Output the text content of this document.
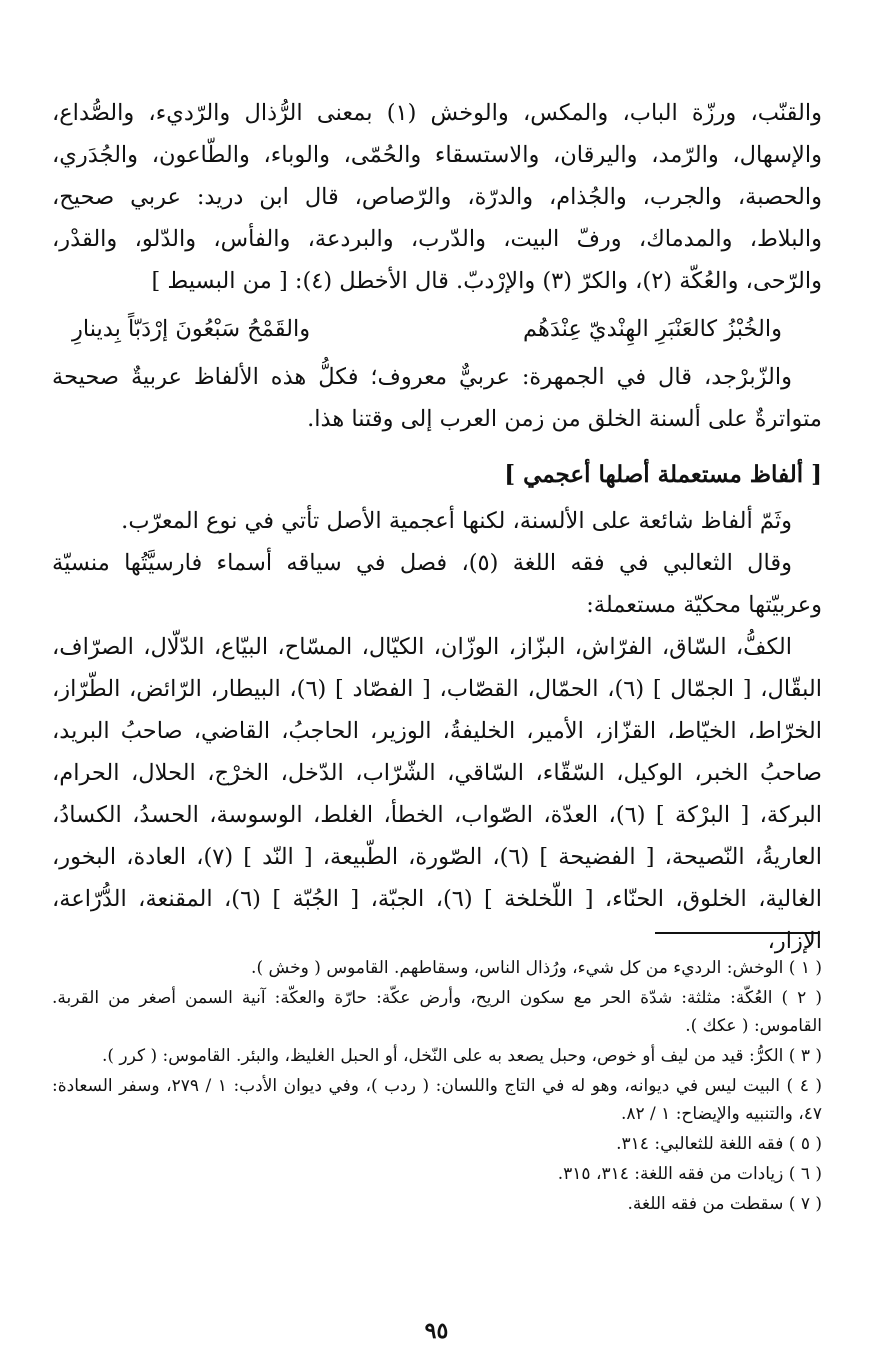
والقنّب، ورزّة الباب، والمكس، والوخش (١) بمعنى الرُّذال والرّديء، والصُّداع، والإسهال، والرّمد، واليرقان، والاستسقاء والحُمّى، والوباء، والطّاعون، والجُدَري، والحصبة، والجرب، والجُذام، والدرّة، والرّصاص، قال ابن دريد: عربي صحيح، والبلاط، والمدماك، ورفّ البيت، والدّرب، والبردعة، والفأس، والدّلو، والقدْر، والرّحى، والعُكّة (٢)، والكرّ (٣) والإرْدبّ. قال الأخطل (٤): [ من البسيط ]

والخُبْزُ كالعَنْبَرِ الهِنْديّ عِنْدَهُم
والقَمْحُ سَبْعُونَ إرْدَبّاً بِدينارِ

والزّبرْجد، قال في الجمهرة: عربيٌّ معروف؛ فكلُّ هذه الألفاظ عربيةٌ صحيحة متواترةٌ على ألسنة الخلق من زمن العرب إلى وقتنا هذا.

[ ألفاظ مستعملة أصلها أعجمي ]

وثَمّ ألفاظ شائعة على الألسنة، لكنها أعجمية الأصل تأتي في نوع المعرّب.

وقال الثعالبي في فقه اللغة (٥)، فصل في سياقه أسماء فارسيَّتُها منسيّة وعربيّتها محكيّة مستعملة:

الكفُّ، السّاق، الفرّاش، البزّاز، الوزّان، الكيّال، المسّاح، البيّاع، الدّلّال، الصرّاف، البقّال، [ الجمّال ] (٦)، الحمّال، القصّاب، [ الفصّاد ] (٦)، البيطار، الرّائض، الطّرّاز، الخرّاط، الخيّاط، القزّاز، الأمير، الخليفةُ، الوزير، الحاجبُ، القاضي، صاحبُ البريد، صاحبُ الخبر، الوكيل، السّقّاء، السّاقي، الشّرّاب، الدّخل، الخرْج، الحلال، الحرام، البركة، [ البرْكة ] (٦)، العدّة، الصّواب، الخطأ، الغلط، الوسوسة، الحسدُ، الكسادُ، العاريةُ، النّصيحة، [ الفضيحة ] (٦)، الصّورة، الطّبيعة، [ النّد ] (٧)، العادة، البخور، الغالية، الخلوق، الحنّاء، [ اللّخلخة ] (٦)، الجبّة، [ الجُبّة ] (٦)، المقنعة، الدُّرّاعة، الإزار،

( ١ ) الوخش: الرديء من كل شيء، ورُذال الناس، وسقاطهم. القاموس ( وخش ).
( ٢ ) العُكّة: مثلثة: شدّة الحر مع سكون الريح، وأرض عكّة: حارّة والعكّة: آنية السمن أصغر من القربة. القاموس: ( عكك ).
( ٣ ) الكرُّ: قيد من ليف أو خوص، وحبل يصعد به على النّخل، أو الحبل الغليظ، والبئر. القاموس: ( كرر ).
( ٤ ) البيت ليس في ديوانه، وهو له في التاج واللسان: ( ردب )، وفي ديوان الأدب: ١ / ٢٧٩، وسفر السعادة: ٤٧، والتنبيه والإيضاح: ١ / ٨٢.
( ٥ ) فقه اللغة للثعالبي: ٣١٤.
( ٦ ) زيادات من فقه اللغة: ٣١٤، ٣١٥.
( ٧ ) سقطت من فقه اللغة.
٩٥
